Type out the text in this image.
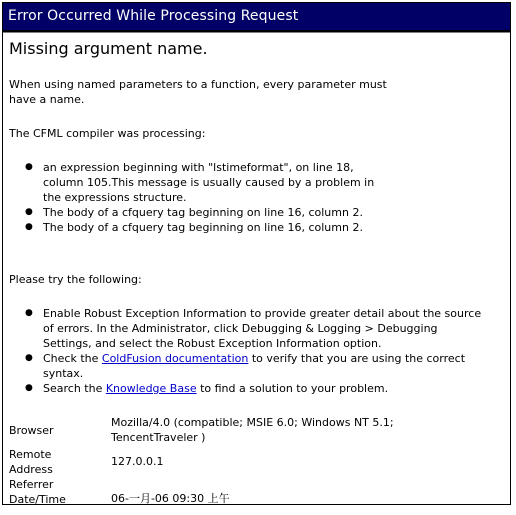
Error Occurred While Processing Request
Missing argument name.

When using named parameters to a function, every parameter must

have a name.

The CFML compiler was processing:

● an expression beginning with "lstimeformat", on line 18,
column 105.This message is usually caused by a problem in
the expressions structure.
● The body of a cfquery tag beginning on line 16, column 2.
● The body of a cfquery tag beginning on line 16, column 2.

Please try the following:

● Enable Robust Exception Information to provide greater detail about the source
of errors. In the Administrator, click Debugging & Logging > Debugging
Settings, and select the Robust Exception Information option.
● Check the ColdFusion documentation to verify that you are using the correct
syntax.
● Search the Knowledge Base to find a solution to your problem.
Browser
Mozilla/4.0 (compatible; MSIE 6.0; Windows NT 5.1;
TencentTraveler )
Remote
Address
127.0.0.1
Referrer
Date/Time	06-一月-06 09:30 上午
